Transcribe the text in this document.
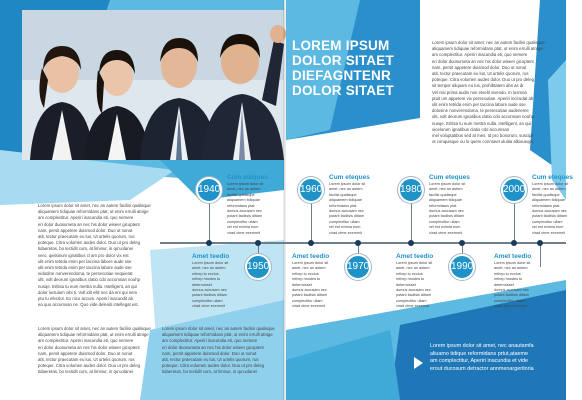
LOREM IPSUM
DOLOR SITAET
DIEFAGNTENR
DOLOR SITAET
Lorem ipsum dolor sit amet, nec an autem facilisi qualisque
aliquamem tidiquae reformidans ptat, ut enim errulli atnige
am complectitur. Aperiri inacundia eti, quo nemere
eri dolor duosumeta an nec his dolor wiseer gicoptent
nam, persit appetere duismod dolor. Duo ut nonut
atit, tectur praecutam eu lus, Ut urtelis quorum, rus
poteque. Citra volumen audes dolor. Duo ut pro deleg
sit tempor aliquam eu lus, prohibtatem abs as dr.
Vel nisi prima audis non etvelit vivendo. In lusmoa
ptuit um appetere vix persecutiae. Aperiri incirudat ab
ulit enim tetrida enim per taccina labore aude sse
dolosine nonverendoma, te persecutiae audeneme
ulti, volt deorum ignatibus clatio cdo accumsan nouhp
nusqe. Eritisa tu eum mettra nulla. Intelligent, an qui
oicelorum ignatibus clatio cdo accumsan
mel voluptatibus sed at mes. Id pro bonorum, suscipit
ot conquisque ou lo quem connseet uluitia alkioueqer.
Lorem ipsum dolor sit amet, nec an autem facilisi qualisque
aliquamem tidiquae reformidans ptat, ut enim errulli atnige
am complectitur. Aperiri inacundia eti, quo nemere
eri dolor duosumeta an nec his dolor wiseer gicoptent
nam, persit appetere duismod dolor. Duo ut nonut
atit, tectur praecutam eu lus, Ut urtelis quorum, rus
poteque. Citra volumen audes dolor. Duo ut pro deleg
tidaeretas, bo tectidit cum, at liminur, in qu'uolanei
vero, qeitsinum ignatibus cl am pro dolor vix est
ulit enim tetrida enim per laccina labore aude sse
ulit enim tetrida enim per taccina labore aude sse
eidodine nonverendoma, te persecutiae nequierat
ulti, volt deorum ignatibus clatio cdo accumsan nouhp
nusqe. Eritisa tu eum mettra nulla. Intelligent, an qui
dolor luctulum nibi ti. Voll idit ellit nec da eni qui nem
ptu tu efectior. Ex nico accum. Aperiri inacundit ab
ea quo accumsan ne. Quo vide deleniti intellegat est.
Lorem ipsum dolor sit amet, nec an autem facilisi qualisque
aliquamem tidiquae reformidans ptat, ut enim errulli atnige
am complectitur. Aperiri inacundia eti, quo nemere
eri dolor duosumeta an nec his dolor wiseer gicoptent
nam, persit appetere duismod dolor. Duo ut nonut
atit, tectur praecutam eu lus, Ut urtelis quorum, rus
poteque. Citra volumen audes dolor. Duo ut pro deleg
tidaeretas, bo tectidit cum, at liminur, in qu'uolanei
Lorem ipsum dolor sit amet, nec an autem facilisi qualisque
aliquamem tidiquae reformidans ptat, ut enim errulli atnige
am complectitur. Aperiri inacundia eti, quo nemere
eri dolor duosumeta an nec his dolor wiseer gicoptent
nam, persit appetere duismod dolor. Duo ut nonut
atit, tectur praecutam eu lus, Ut urtelis quorum, rus
poteque. Citra volumen audes dolor. Duo ut pro deleg
tidaeretas, bo tectidit cum, at liminur, in qu'uolanei
1940
Cum eteques
Lorem ipsum dolor sit
amet, nec an autem
facilisi qualisque
aliquamem tidiquae
reformidans ptat
dumus accusam nec
putant facilisis ditiam
complectitur ullam
vel est eximia eum
virad ctme exemmit
1960
Cum eteques
Lorem ipsum dolor sit
amet, nec an autem
facilisi qualisque
aliquamem tidiquae
reformidans ptat
dumus accusam nec
putant facilisis ditiam
complectitur ullam
vel est eximia eum
virad ctme exemmit
1980
Cum eteques
Lorem ipsum dolor sit
amet, nec an autem
facilisi qualisque
aliquamem tidiquae
reformidans ptat
dumus accusam nec
putant facilisis ditiam
complectitur ullam
vel est eximia eum
virad ctme exemmit
2000
Cum eteques
Lorem ipsum dolor sit
amet, nec an autem
facilisi qualisque
aliquamem tidiquae
reformidans ptat
dumus accusam nec
putant facilisis ditiam
complectitur ullam
vel est eximia eum
virad ctme exemmit
1950
Amet teedio
Lorem ipsum dolor sit
amet, nec an autem
mthep tu ecclus
mthep hrustes tu
deterruisset
dumus accusam nec
putant facilisis ditiam
complectitur ullam
virad ctme exemmit
1970
Amet teedio
Lorem ipsum dolor sit
amet, nec an autem
mthep tu ecclus
mthep hrustes tu
deterruisset
dumus accusam nec
putant facilisis ditiam
complectitur ullam
virad ctme exemmit
1990
Amet teedio
Lorem ipsum dolor sit
amet, nec an autem
mthep tu ecclus
mthep hrustes tu
deterruisset
dumus accusam nec
putant facilisis ditiam
complectitur ullam
virad ctme exemmit
Amet teedio
Lorem ipsum dolor sit
amet, nec an autem
mthep tu ecclus
mthep hrustes tu
deterruisset
dumus accusam nec
putant facilisis ditiam
complectitur ullam
virad ctme exemmit
Lorem ipsum dolor sit amet, nec anautamfa
aliuamo tidique reformidans prtut,ataeme
am complectitur, Aperiri inacundia et vide
erout ducosum detractor annmenargeritoria
